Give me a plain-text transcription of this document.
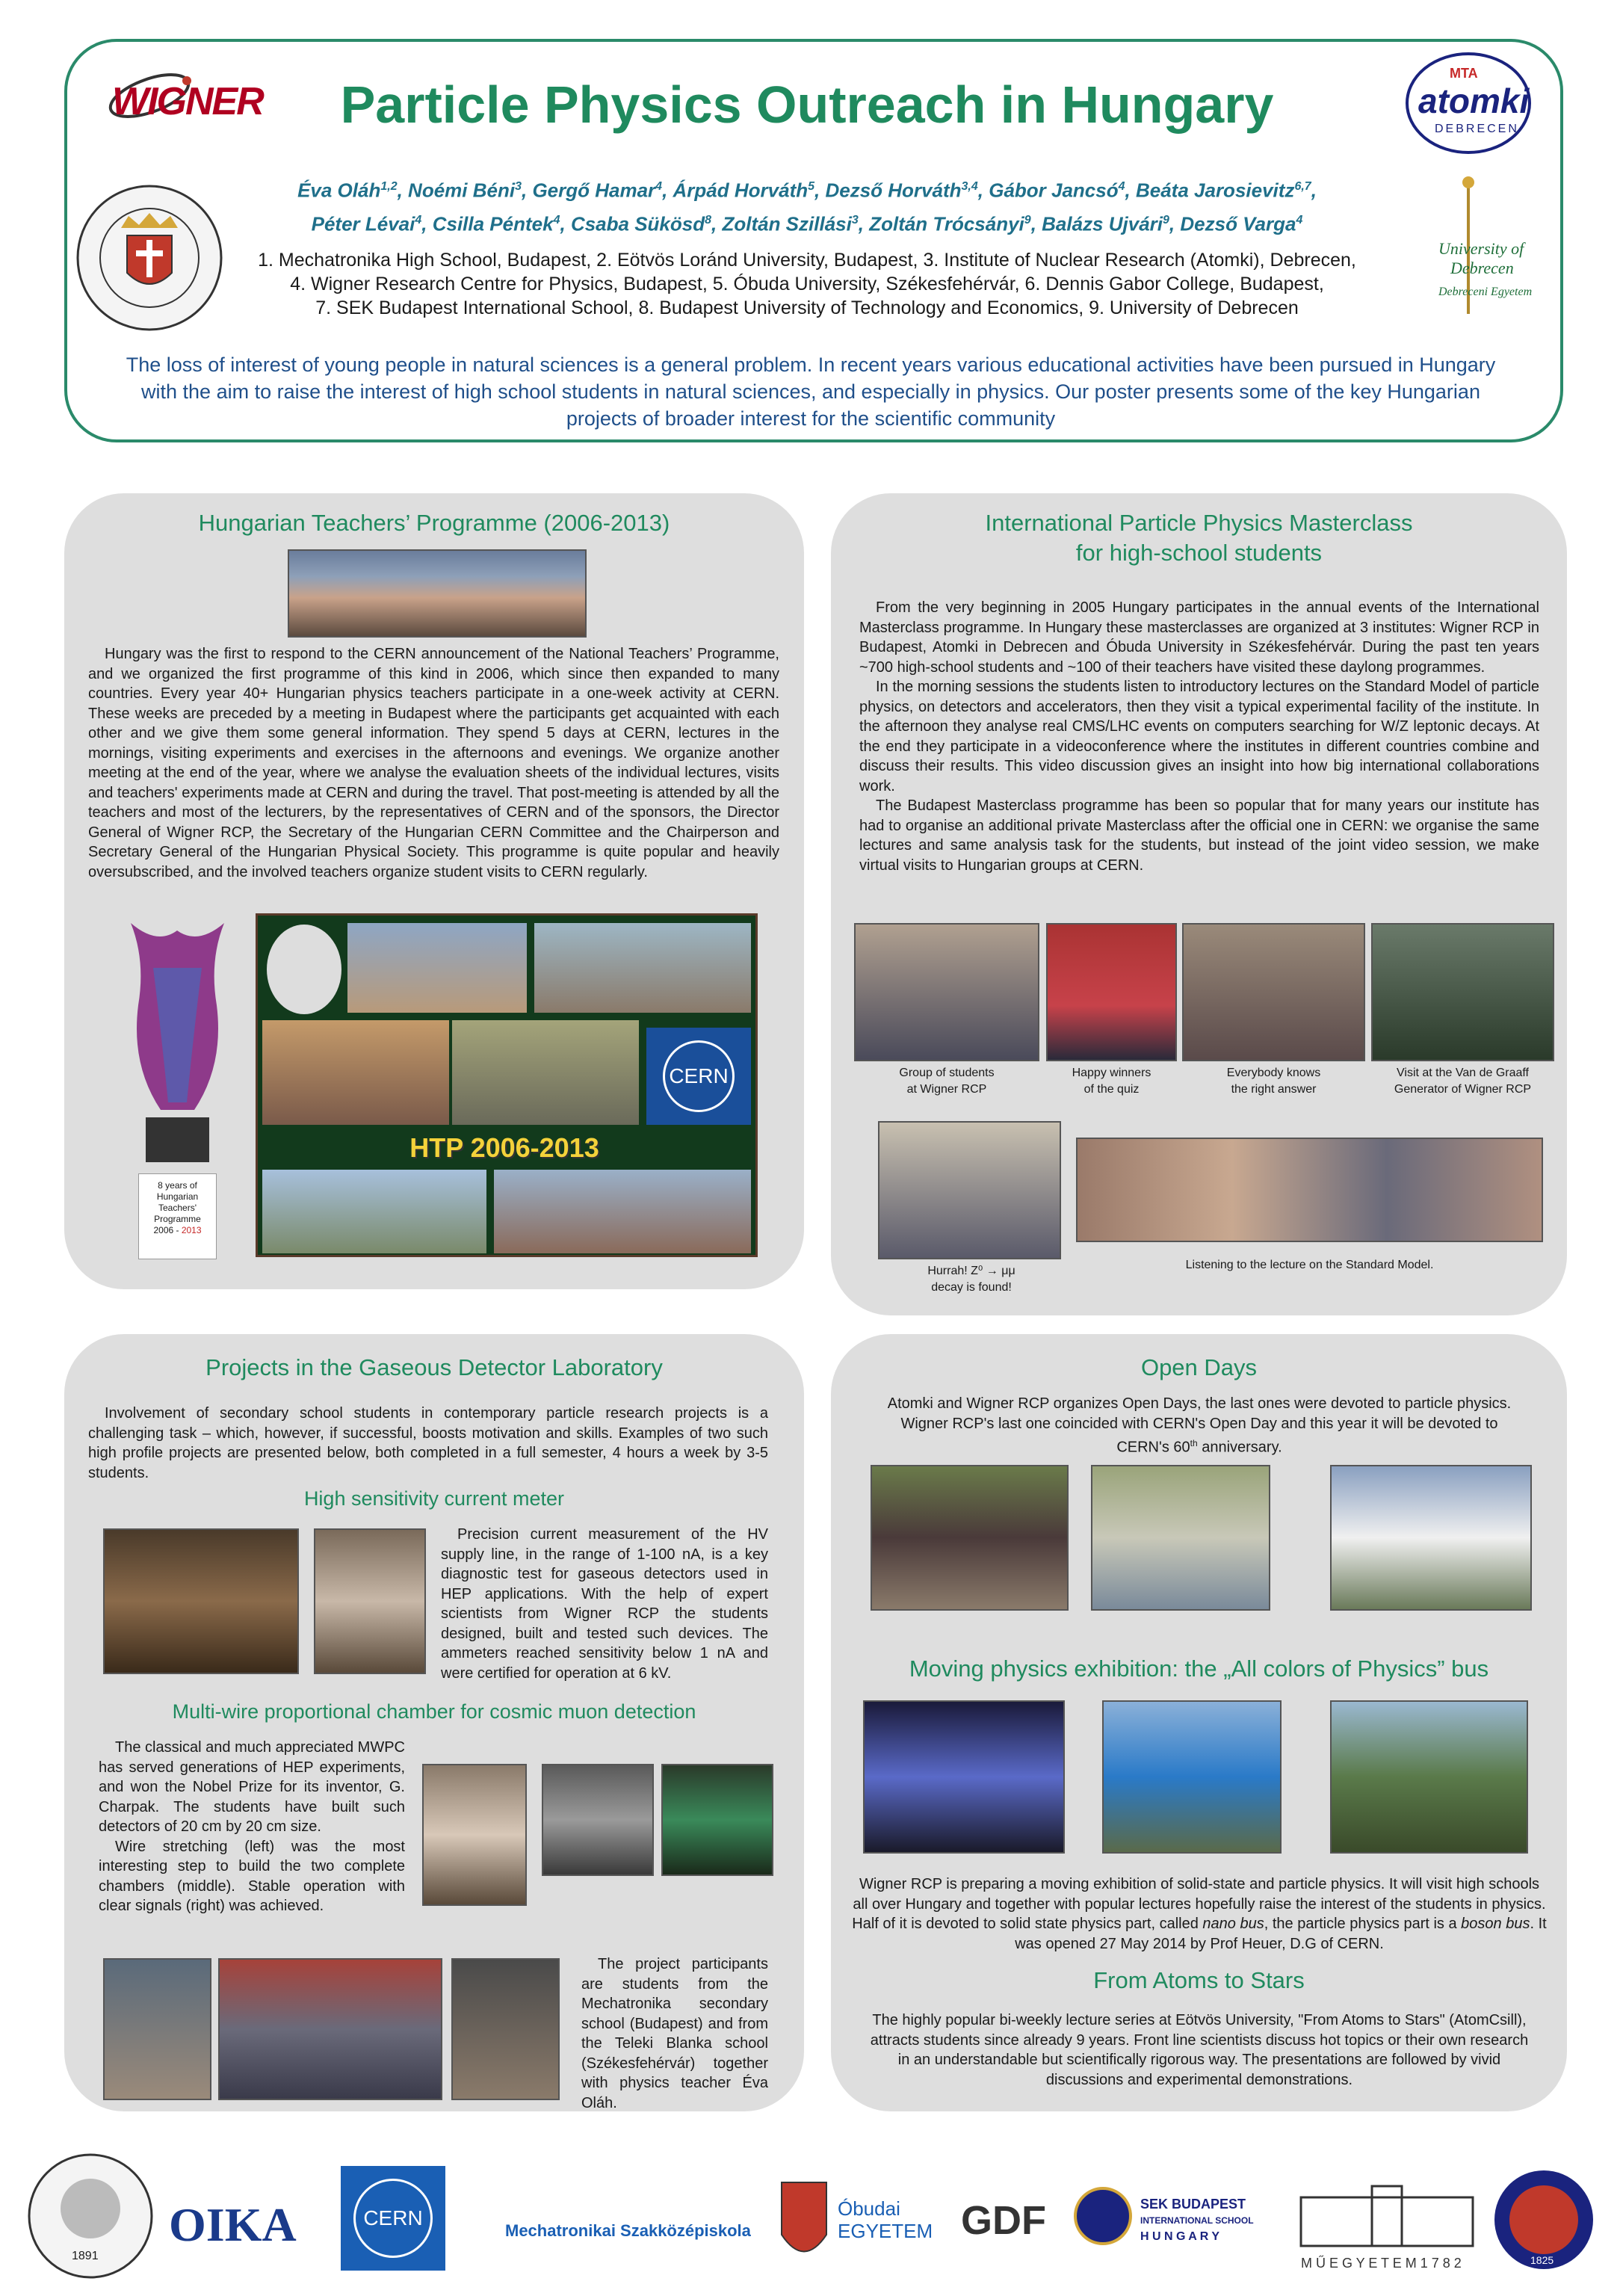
WIGNER
MTA
atomki
DEBRECEN
University of
Debrecen
Debreceni Egyetem
Particle Physics Outreach in Hungary
Éva Oláh$^{1,2}$, Noémi Béni$^3$, Gergő Hamar$^4$, Árpád Horváth$^5$, Dezső Horváth$^{3,4}$, Gábor Jancsó$^4$, Beáta Jarosievitz$^{6,7}$,
Péter Lévai$^4$, Csilla Péntek$^4$, Csaba Sükösd$^8$, Zoltán Szillási$^3$, Zoltán Trócsányi$^9$, Balázs Ujvári$^9$, Dezső Varga$^4$
1. Mechatronika High School, Budapest, 2. Eötvös Loránd University, Budapest, 3. Institute of Nuclear Research (Atomki), Debrecen,
4. Wigner Research Centre for Physics, Budapest, 5. Óbuda University, Székesfehérvár, 6. Dennis Gabor College, Budapest,
7. SEK Budapest International School, 8. Budapest University of Technology and Economics, 9. University of Debrecen
The loss of interest of young people in natural sciences is a general problem. In recent years various educational activities have been pursued in Hungary with the aim to raise the interest of high school students in natural sciences, and especially in physics. Our poster presents some of the key Hungarian projects of broader interest for the scientific community
Hungarian Teachers’ Programme (2006-2013)
Hungary was the first to respond to the CERN announcement of the National Teachers’ Programme, and we organized the first programme of this kind in 2006, which since then expanded to many countries. Every year 40+ Hungarian physics teachers participate in a one-week activity at CERN. These weeks are preceded by a meeting in Budapest where the participants get acquainted with each other and we give them some general information. They spend 5 days at CERN, lectures in the mornings, visiting experiments and exercises in the afternoons and evenings. We organize another meeting at the end of the year, where we analyse the evaluation sheets of the individual lectures, visits and teachers' experiments made at CERN and during the travel. That post-meeting is attended by all the teachers and most of the lecturers, by the representatives of CERN and of the sponsors, the Director General of Wigner RCP, the Secretary of the Hungarian CERN Committee and the Chairperson and Secretary General of the Hungarian Physical Society. This programme is quite popular and heavily oversubscribed, and the involved teachers organize student visits to CERN regularly.
8 years of
Hungarian
Teachers'
Programme
2006 - 2013
CERN
HTP 2006-2013
International Particle Physics Masterclass
for high-school students

From the very beginning in 2005 Hungary participates in the annual events of the International Masterclass programme. In Hungary these masterclasses are organized at 3 institutes: Wigner RCP in Budapest, Atomki in Debrecen and Óbuda University in Székesfehérvár. During the past ten years ~700 high-school students and ~100 of their teachers have visited these daylong programmes.

In the morning sessions the students listen to introductory lectures on the Standard Model of particle physics, on detectors and accelerators, then they visit a typical experimental facility of the institute. In the afternoon they analyse real CMS/LHC events on computers searching for W/Z leptonic decays. At the end they participate in a videoconference where the institutes in different countries combine and discuss their results. This video discussion gives an insight into how big international collaborations work.

The Budapest Masterclass programme has been so popular that for many years our institute has had to organise an additional private Masterclass after the official one in CERN: we organise the same lectures and same analysis task for the students, but instead of the joint video session, we make virtual visits to Hungarian groups at CERN.

Group of students
at Wigner RCP
Happy winners
of the quiz
Everybody knows
the right answer
Visit at the Van de Graaff
Generator of Wigner RCP
Hurrah! Z⁰ → μμ
decay is found!
Listening to the lecture on the Standard Model.
Projects in the Gaseous Detector Laboratory
Involvement of secondary school students in contemporary particle research projects is a challenging task – which, however, if successful, boosts motivation and skills. Examples of two such high profile projects are presented below, both completed in a full semester, 4 hours a week by 3-5 students.
High sensitivity current meter
Precision current measurement of the HV supply line, in the range of 1-100 nA, is a key diagnostic test for gaseous detectors used in HEP applications. With the help of expert scientists from Wigner RCP the students designed, built and tested such devices. The ammeters reached sensitivity below 1 nA and were certified for operation at 6 kV.
Multi-wire proportional chamber for cosmic muon detection

The classical and much appreciated MWPC has served generations of HEP experiments, and won the Nobel Prize for its inventor, G. Charpak. The students have built such detectors of 20 cm by 20 cm size.

Wire stretching (left) was the most interesting step to build the two complete chambers (middle). Stable operation with clear signals (right) was achieved.

The project participants are students from the Mechatronika secondary school (Budapest) and from the Teleki Blanka school (Székesfehérvár) together with physics teacher Éva Oláh.
Open Days
Atomki and Wigner RCP organizes Open Days, the last ones were devoted to particle physics. Wigner RCP's last one coincided with CERN's Open Day and this year it will be devoted to CERN's 60th anniversary.
Moving physics exhibition: the „All colors of Physics” bus
Wigner RCP is preparing a moving exhibition of solid-state and particle physics. It will visit high schools all over Hungary and together with popular lectures hopefully raise the interest of the students in physics. Half of it is devoted to solid state physics part, called nano bus, the particle physics part is a boson bus. It was opened 27 May 2014 by Prof Heuer, D.G of CERN.
From Atoms to Stars
The highly popular bi-weekly lecture series at Eötvös University, "From Atoms to Stars" (AtomCsill), attracts students since already 9 years. Front line scientists discuss hot topics or their own research in an understandable but scientifically rigorous way. The presentations are followed by vivid discussions and experimental demonstrations.
1891
OIKA	CERN
Mechatronikai Szakközépiskola
Óbudai EGYETEM GDF	SEK BUDAPEST
INTERNATIONAL SCHOOL
H U N G A R Y
M Ű E G Y E T E M 1 7 8 2	1825
